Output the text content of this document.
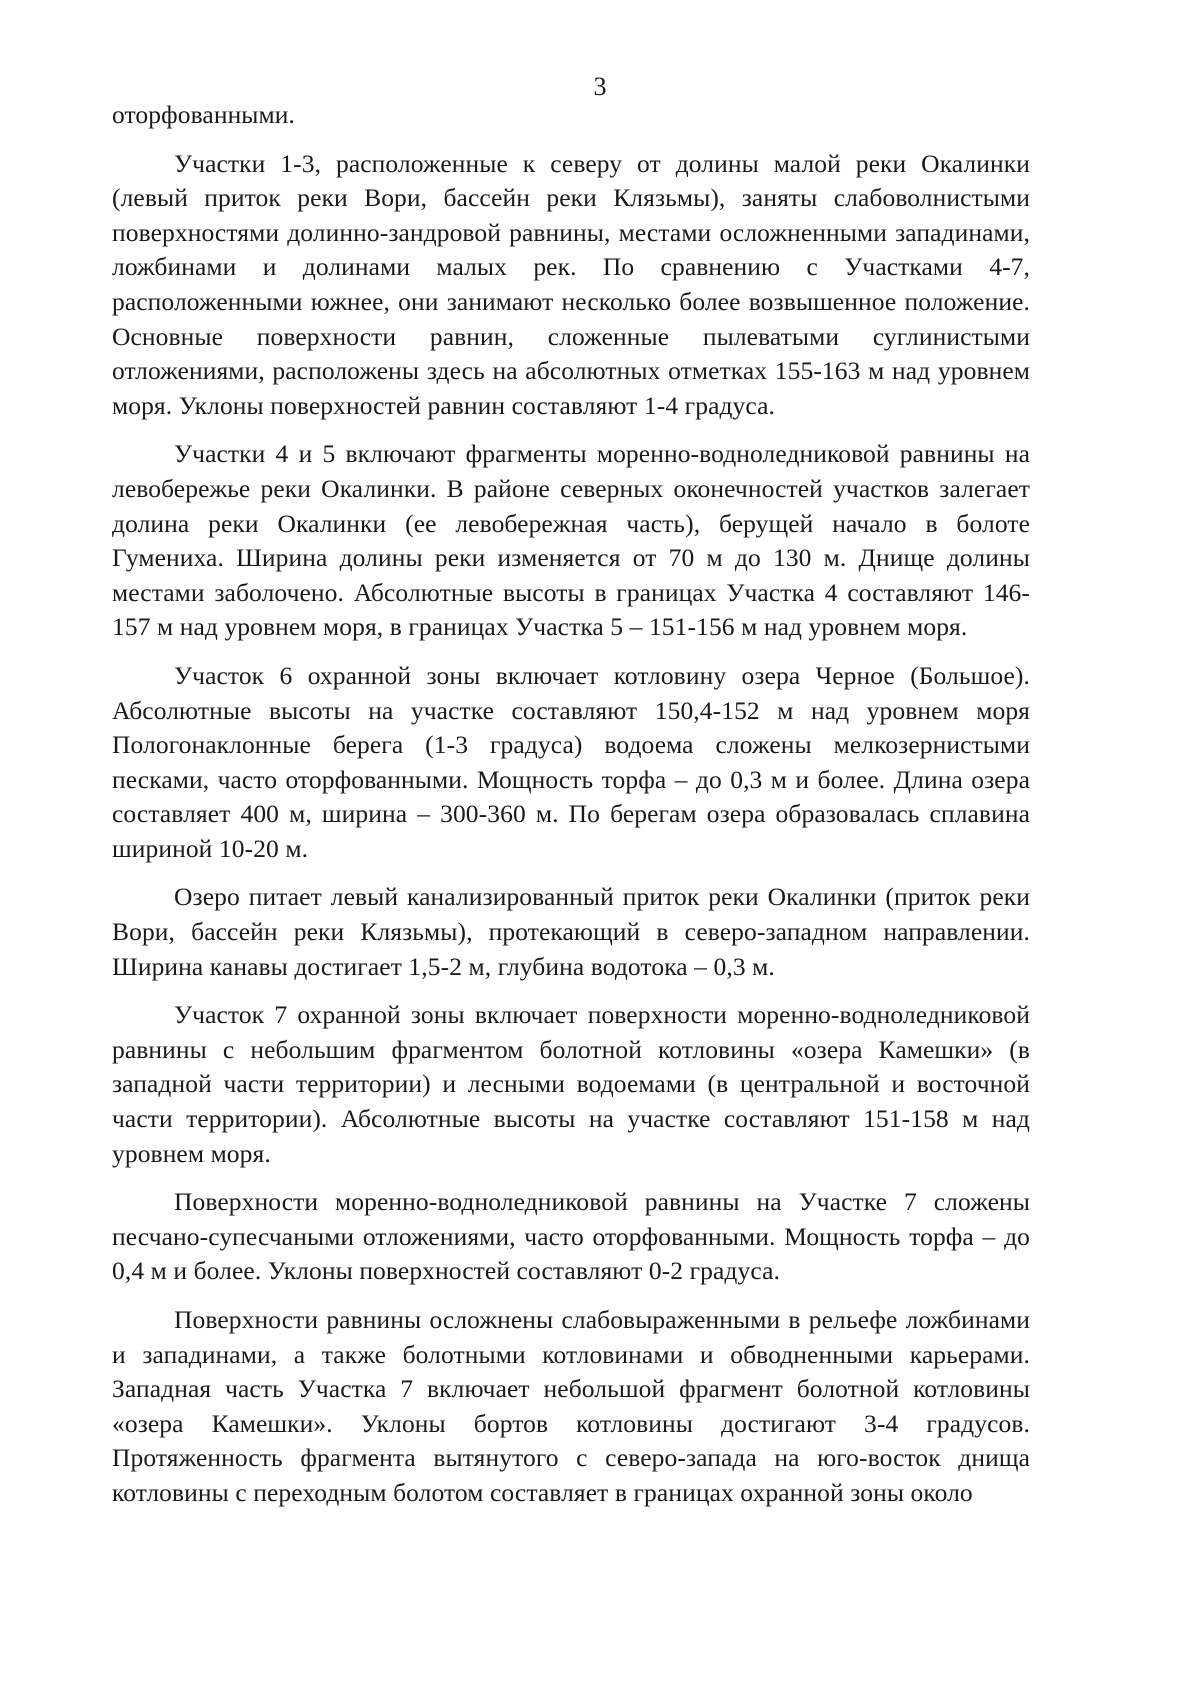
3

оторфованными.

Участки 1-3, расположенные к северу от долины малой реки Окалинки (левый приток реки Вори, бассейн реки Клязьмы), заняты слабоволнистыми поверхностями долинно-зандровой равнины, местами осложненными западинами, ложбинами и долинами малых рек. По сравнению с Участками 4-7, расположенными южнее, они занимают несколько более возвышенное положение. Основные поверхности равнин, сложенные пылеватыми суглинистыми отложениями, расположены здесь на абсолютных отметках 155-163 м над уровнем моря. Уклоны поверхностей равнин составляют 1-4 градуса.

Участки 4 и 5 включают фрагменты моренно-водноледниковой равнины на левобережье реки Окалинки. В районе северных оконечностей участков залегает долина реки Окалинки (ее левобережная часть), берущей начало в болоте Гумениха. Ширина долины реки изменяется от 70 м до 130 м. Днище долины местами заболочено. Абсолютные высоты в границах Участка 4 составляют 146-157 м над уровнем моря, в границах Участка 5 – 151-156 м над уровнем моря.

Участок 6 охранной зоны включает котловину озера Черное (Большое). Абсолютные высоты на участке составляют 150,4-152 м над уровнем моря Пологонаклонные берега (1-3 градуса) водоема сложены мелкозернистыми песками, часто оторфованными. Мощность торфа – до 0,3 м и более. Длина озера составляет 400 м, ширина – 300-360 м. По берегам озера образовалась сплавина шириной 10-20 м.

Озеро питает левый канализированный приток реки Окалинки (приток реки Вори, бассейн реки Клязьмы), протекающий в северо-западном направлении. Ширина канавы достигает 1,5-2 м, глубина водотока – 0,3 м.

Участок 7 охранной зоны включает поверхности моренно-водноледниковой равнины с небольшим фрагментом болотной котловины «озера Камешки» (в западной части территории) и лесными водоемами (в центральной и восточной части территории). Абсолютные высоты на участке составляют 151-158 м над уровнем моря.

Поверхности моренно-водноледниковой равнины на Участке 7 сложены песчано-супесчаными отложениями, часто оторфованными. Мощность торфа – до 0,4 м и более. Уклоны поверхностей составляют 0-2 градуса.

Поверхности равнины осложнены слабовыраженными в рельефе ложбинами и западинами, а также болотными котловинами и обводненными карьерами. Западная часть Участка 7 включает небольшой фрагмент болотной котловины «озера Камешки». Уклоны бортов котловины достигают 3-4 градусов. Протяженность фрагмента вытянутого с северо-запада на юго-восток днища котловины с переходным болотом составляет в границах охранной зоны около
